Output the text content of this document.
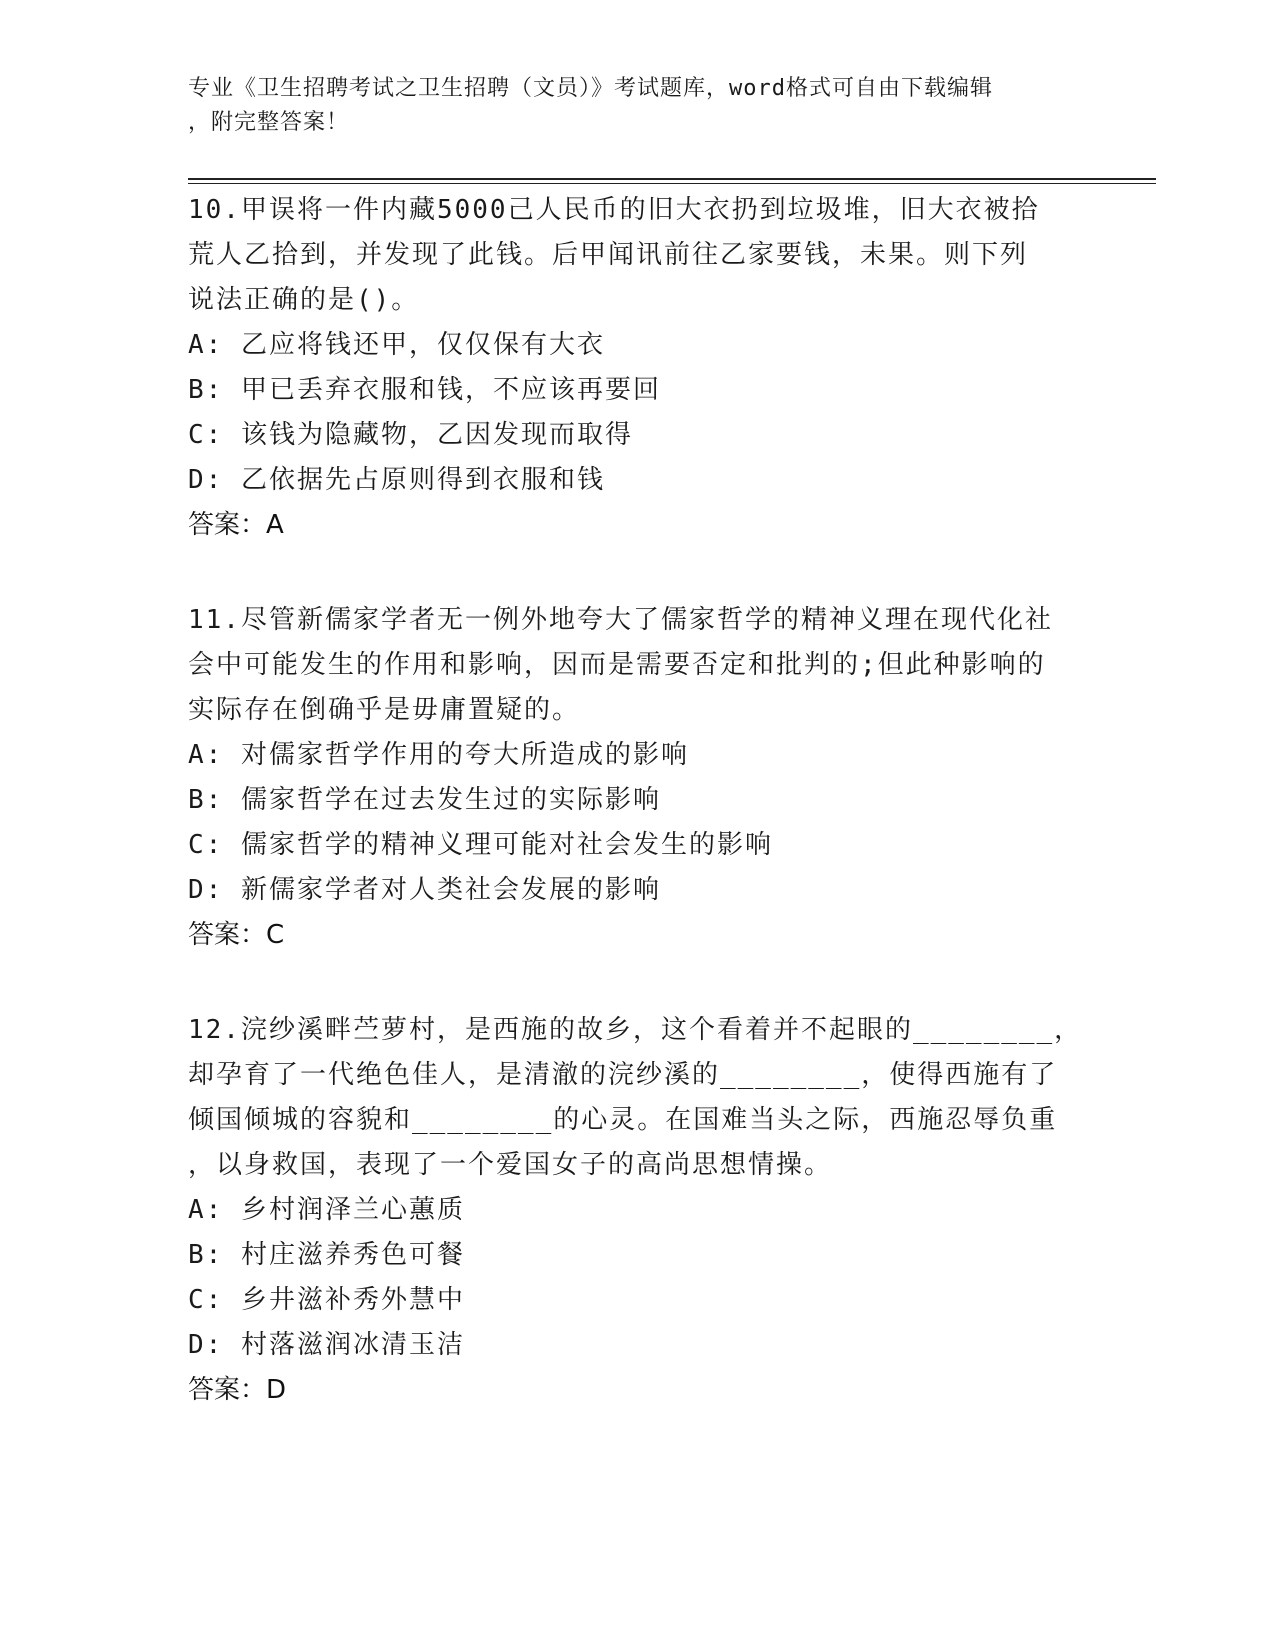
专业《卫生招聘考试之卫生招聘（文员）》考试题库，word格式可自由下载编辑
，附完整答案！

10.甲误将一件内藏5000己人民币的旧大衣扔到垃圾堆，旧大衣被拾

荒人乙拾到，并发现了此钱。后甲闻讯前往乙家要钱，未果。则下列

说法正确的是()。

A: 乙应将钱还甲，仅仅保有大衣

B: 甲已丢弃衣服和钱，不应该再要回

C: 该钱为隐藏物，乙因发现而取得

D: 乙依据先占原则得到衣服和钱

答案：A

11.尽管新儒家学者无一例外地夸大了儒家哲学的精神义理在现代化社

会中可能发生的作用和影响，因而是需要否定和批判的;但此种影响的

实际存在倒确乎是毋庸置疑的。

A: 对儒家哲学作用的夸大所造成的影响

B: 儒家哲学在过去发生过的实际影响

C: 儒家哲学的精神义理可能对社会发生的影响

D: 新儒家学者对人类社会发展的影响

答案：C

12.浣纱溪畔苎萝村，是西施的故乡，这个看着并不起眼的________，

却孕育了一代绝色佳人，是清澈的浣纱溪的________，使得西施有了

倾国倾城的容貌和________的心灵。在国难当头之际，西施忍辱负重

，以身救国，表现了一个爱国女子的高尚思想情操。

A: 乡村润泽兰心蕙质

B: 村庄滋养秀色可餐

C: 乡井滋补秀外慧中

D: 村落滋润冰清玉洁

答案：D
